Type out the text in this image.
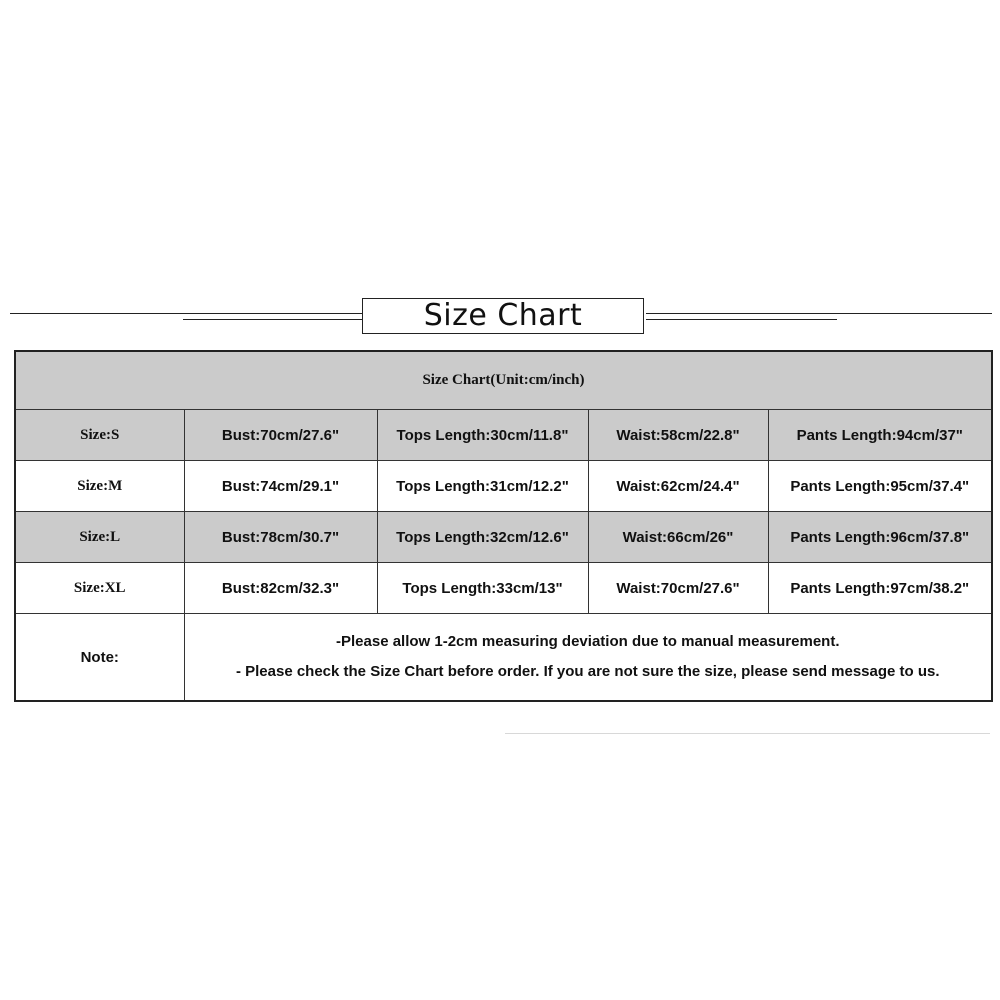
Size Chart
Size Chart(Unit:cm/inch)				
Size:S	Bust:70cm/27.6"	Tops Length:30cm/11.8"	Waist:58cm/22.8"	Pants Length:94cm/37"
Size:M	Bust:74cm/29.1"	Tops Length:31cm/12.2"	Waist:62cm/24.4"	Pants Length:95cm/37.4"
Size:L	Bust:78cm/30.7"	Tops Length:32cm/12.6"	Waist:66cm/26"	Pants Length:96cm/37.8"
Size:XL	Bust:82cm/32.3"	Tops Length:33cm/13"	Waist:70cm/27.6"	Pants Length:97cm/38.2"
Note:	-Please allow 1-2cm measuring deviation due to manual measurement.
- Please check the Size Chart before order. If you are not sure the size, please send message to us.			
